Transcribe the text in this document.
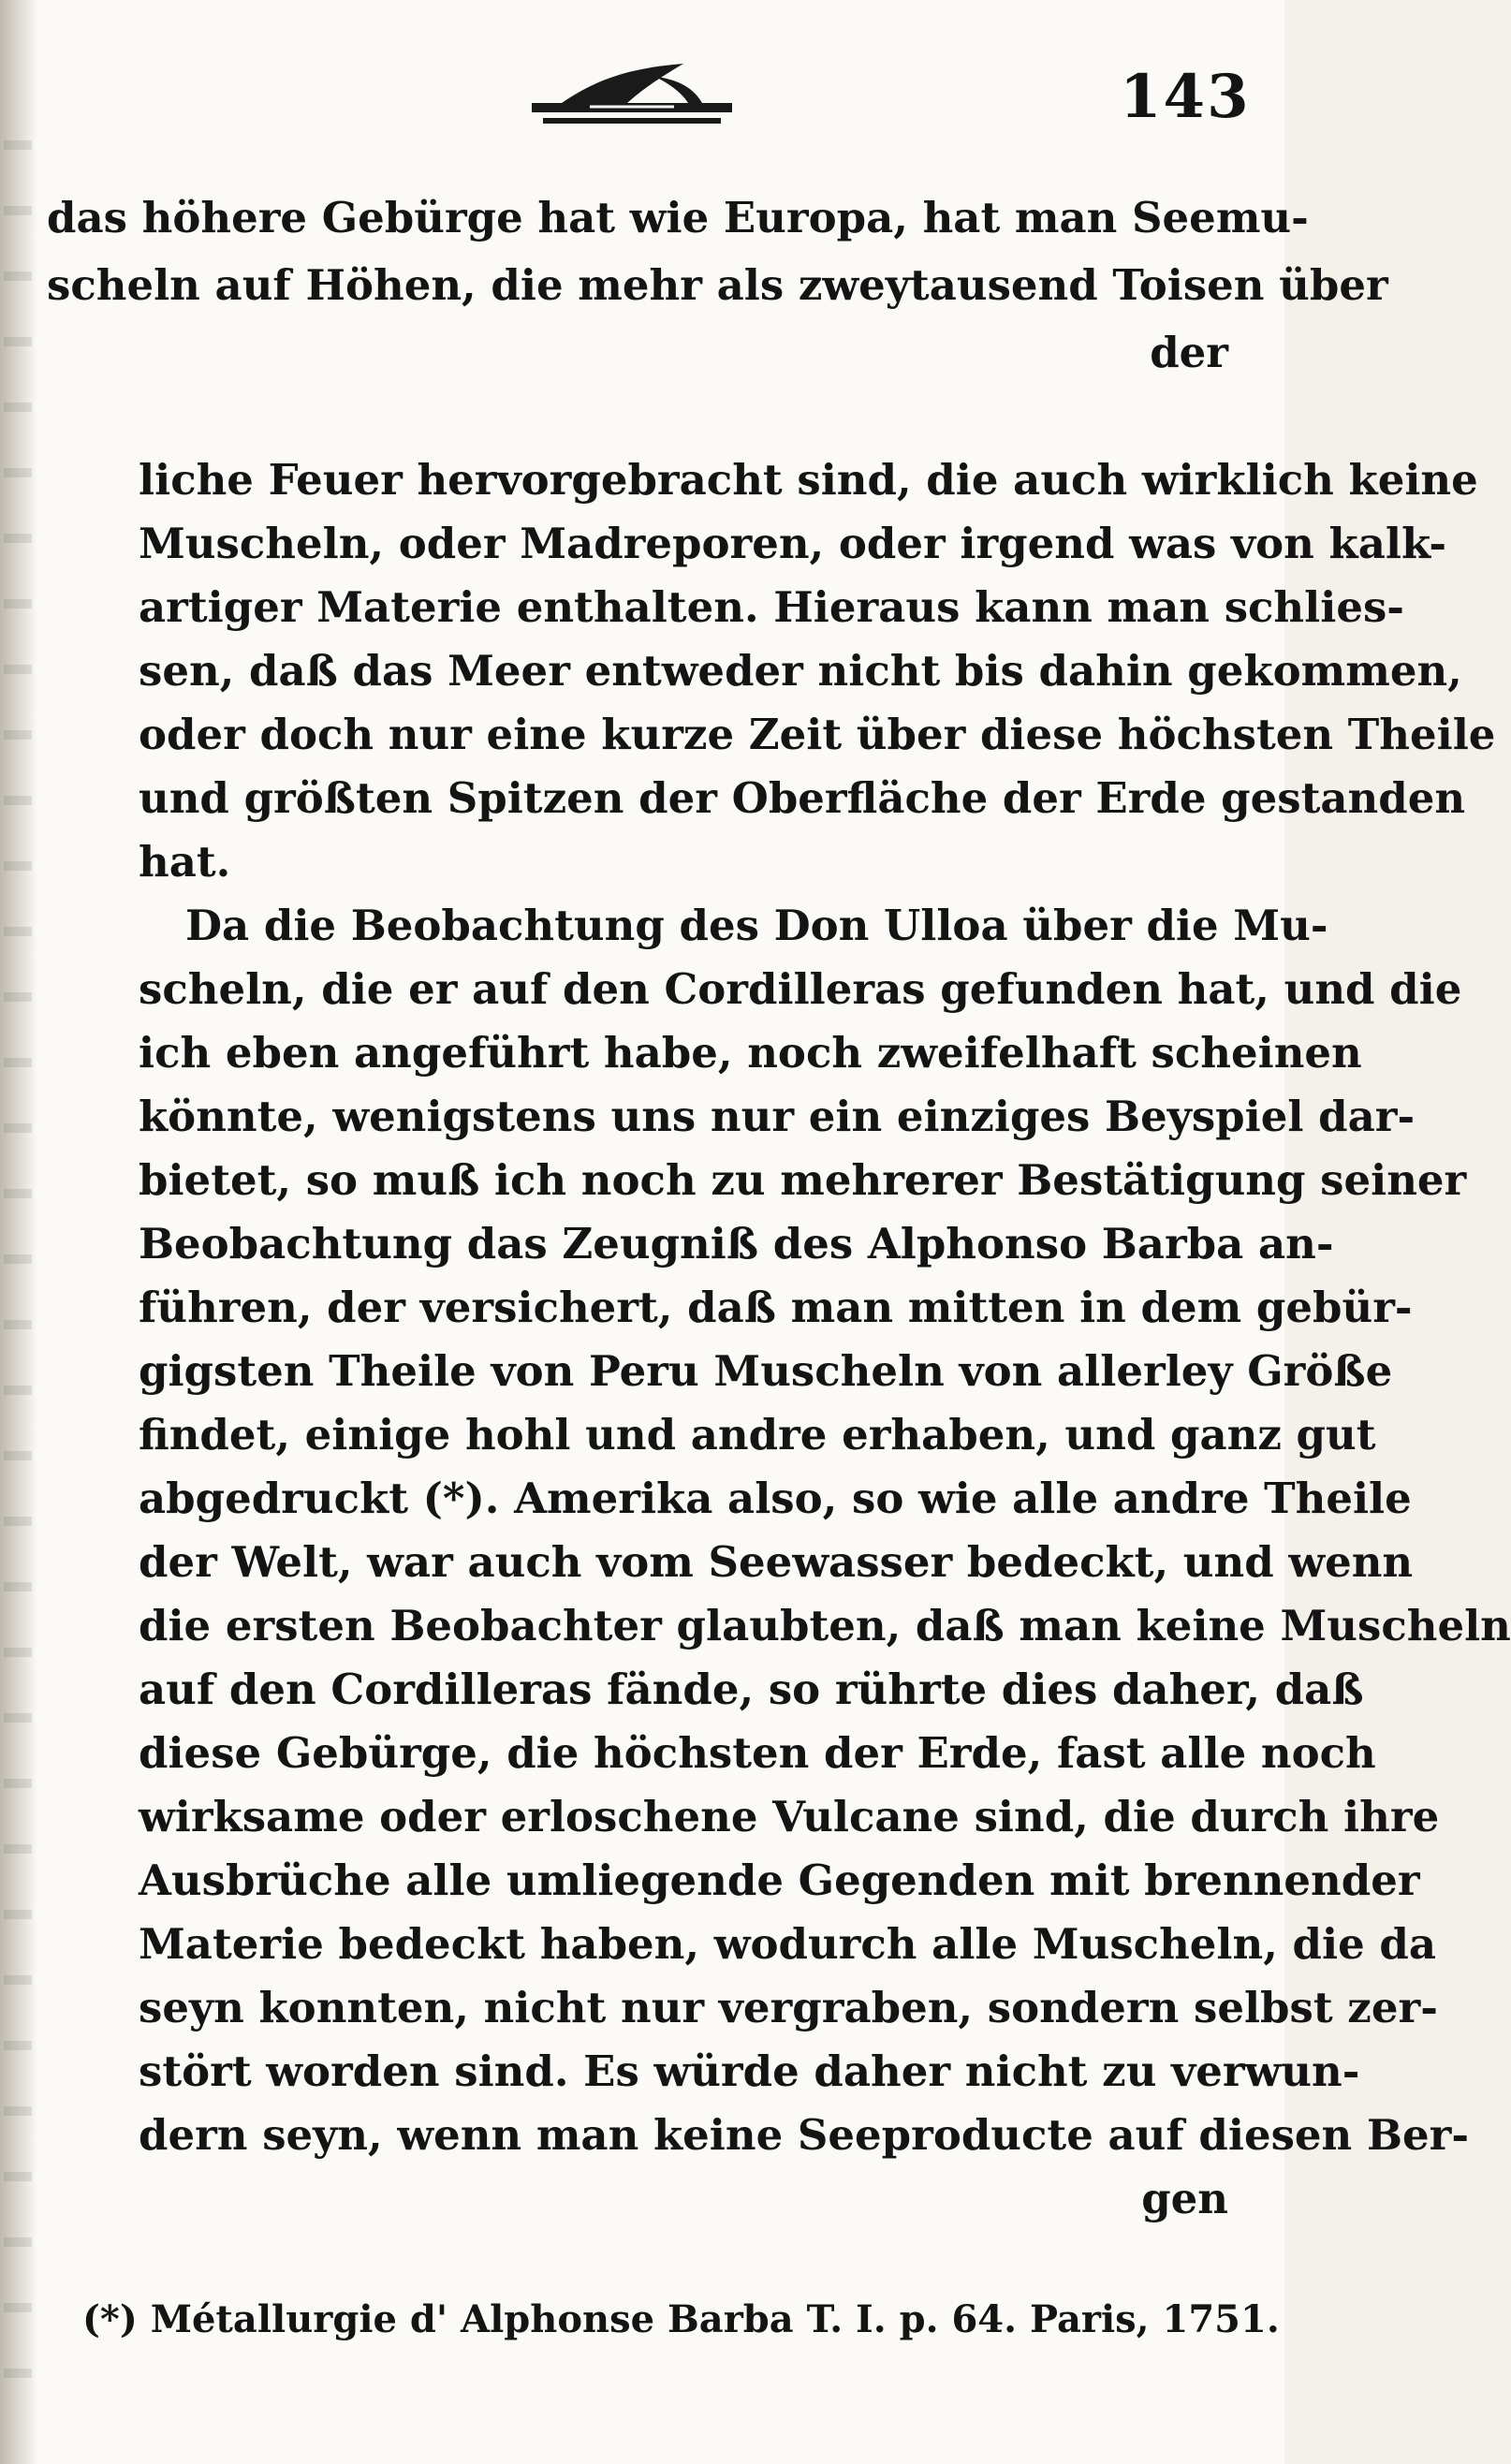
143
das höhere Gebürge hat wie Europa, hat man Seemu-
scheln auf Höhen, die mehr als zweytausend Toisen über
der
liche Feuer hervorgebracht sind, die auch wirklich keine
Muscheln, oder Madreporen, oder irgend was von kalk-
artiger Materie enthalten. Hieraus kann man schlies-
sen, daß das Meer entweder nicht bis dahin gekommen,
oder doch nur eine kurze Zeit über diese höchsten Theile
und größten Spitzen der Oberfläche der Erde gestanden
hat.
Da die Beobachtung des Don Ulloa über die Mu-
scheln, die er auf den Cordilleras gefunden hat, und die
ich eben angeführt habe, noch zweifelhaft scheinen
könnte, wenigstens uns nur ein einziges Beyspiel dar-
bietet, so muß ich noch zu mehrerer Bestätigung seiner
Beobachtung das Zeugniß des Alphonso Barba an-
führen, der versichert, daß man mitten in dem gebür-
gigsten Theile von Peru Muscheln von allerley Größe
findet, einige hohl und andre erhaben, und ganz gut
abgedruckt (*). Amerika also, so wie alle andre Theile
der Welt, war auch vom Seewasser bedeckt, und wenn
die ersten Beobachter glaubten, daß man keine Muscheln
auf den Cordilleras fände, so rührte dies daher, daß
diese Gebürge, die höchsten der Erde, fast alle noch
wirksame oder erloschene Vulcane sind, die durch ihre
Ausbrüche alle umliegende Gegenden mit brennender
Materie bedeckt haben, wodurch alle Muscheln, die da
seyn konnten, nicht nur vergraben, sondern selbst zer-
stört worden sind. Es würde daher nicht zu verwun-
dern seyn, wenn man keine Seeproducte auf diesen Ber-
gen
(*) Métallurgie d' Alphonse Barba T. I. p. 64. Paris, 1751.
